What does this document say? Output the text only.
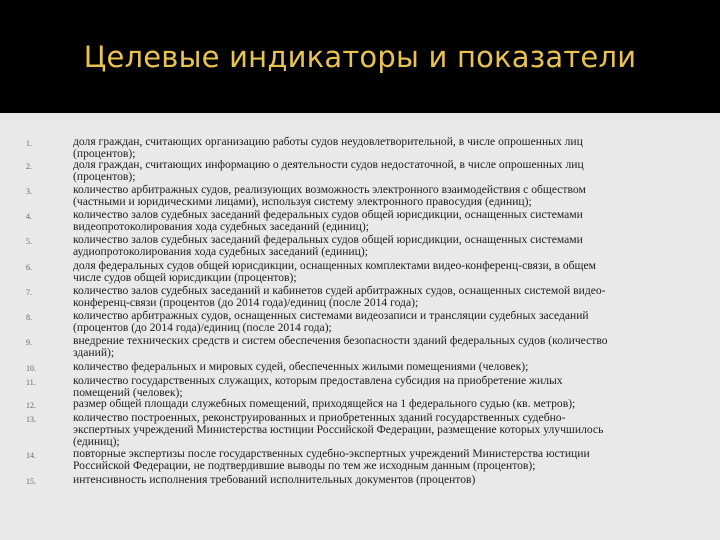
Целевые индикаторы и показатели
1.	доля граждан, считающих организацию работы судов неудовлетворительной, в числе опрошенных лиц
(процентов);
2.	доля граждан, считающих информацию о деятельности судов недостаточной, в числе опрошенных лиц
(процентов);
3.	количество арбитражных судов, реализующих возможность электронного взаимодействия с обществом
(частными и юридическими лицами), используя систему электронного правосудия (единиц);
4.	количество залов судебных заседаний федеральных судов общей юрисдикции, оснащенных системами
видеопротоколирования хода судебных заседаний (единиц);
5.	количество залов судебных заседаний федеральных судов общей юрисдикции, оснащенных системами
аудиопротоколирования хода судебных заседаний (единиц);
6.	доля федеральных судов общей юрисдикции, оснащенных комплектами видео-конференц-связи, в общем
числе судов общей юрисдикции (процентов);
7.	количество залов судебных заседаний и кабинетов судей арбитражных судов, оснащенных системой видео-
конференц-связи (процентов (до 2014 года)/единиц (после 2014 года);
8.	количество арбитражных судов, оснащенных системами видеозаписи и трансляции судебных заседаний
(процентов (до 2014 года)/единиц (после 2014 года);
9.	внедрение технических средств и систем обеспечения безопасности зданий федеральных судов (количество
зданий);
10.	количество федеральных и мировых судей, обеспеченных жилыми помещениями (человек);
11.	количество государственных служащих, которым предоставлена субсидия на приобретение жилых
помещений (человек);
12.	размер общей площади служебных помещений, приходящейся на 1 федерального судью (кв. метров);
13.	количество построенных, реконструированных и приобретенных зданий государственных судебно-
экспертных учреждений Министерства юстиции Российской Федерации, размещение которых улучшилось
(единиц);
14.	повторные экспертизы после государственных судебно-экспертных учреждений Министерства юстиции
Российской Федерации, не подтвердившие выводы по тем же исходным данным (процентов);
15.	интенсивность исполнения требований исполнительных документов (процентов)
